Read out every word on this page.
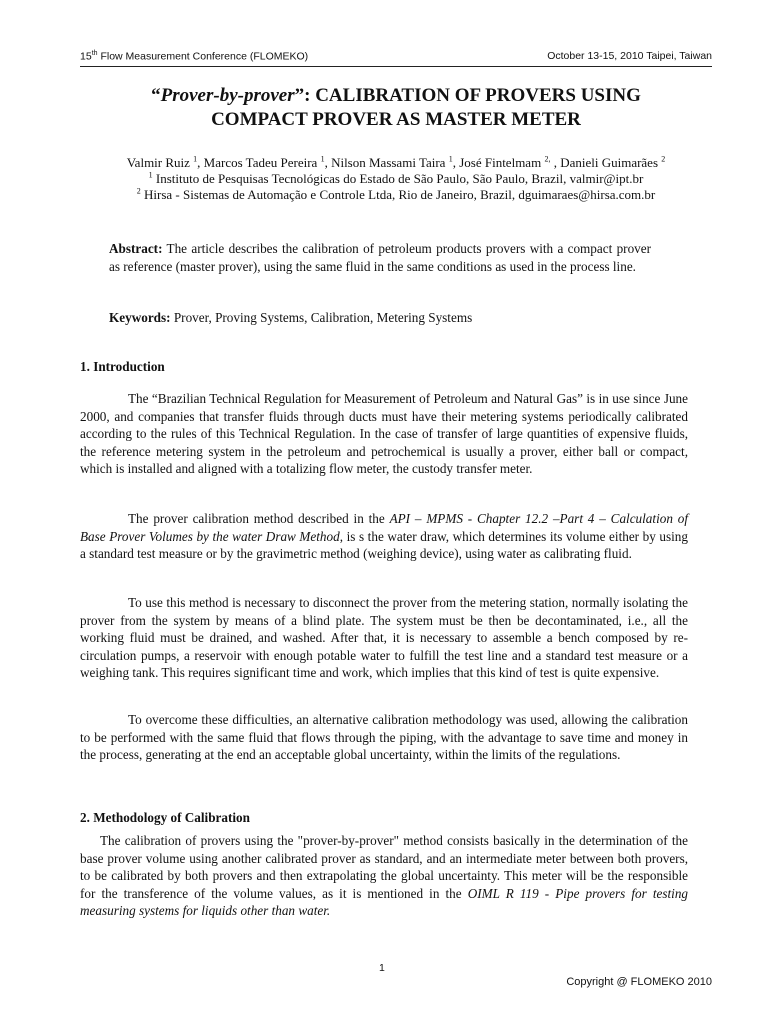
15th Flow Measurement Conference (FLOMEKO)	October 13-15, 2010 Taipei, Taiwan
“Prover-by-prover”: CALIBRATION OF PROVERS USING
COMPACT PROVER AS MASTER METER
Valmir Ruiz $^1$, Marcos Tadeu Pereira $^1$, Nilson Massami Taira $^1$, José Fintelmam $^{2,}$ , Danieli Guimarães $^2$
$^1$ Instituto de Pesquisas Tecnológicas do Estado de São Paulo, São Paulo, Brazil, valmir@ipt.br
$^2$ Hirsa - Sistemas de Automação e Controle Ltda, Rio de Janeiro, Brazil, dguimaraes@hirsa.com.br
Abstract: The article describes the calibration of petroleum products provers with a compact prover as reference (master prover), using the same fluid in the same conditions as used in the process line.
Keywords: Prover, Proving Systems, Calibration, Metering Systems
1. Introduction
The “Brazilian Technical Regulation for Measurement of Petroleum and Natural Gas” is in use since June 2000, and companies that transfer fluids through ducts must have their metering systems periodically calibrated according to the rules of this Technical Regulation. In the case of transfer of large quantities of expensive fluids, the reference metering system in the petroleum and petrochemical is usually a prover, either ball or compact, which is installed and aligned with a totalizing flow meter, the custody transfer meter.
The prover calibration method described in the API – MPMS - Chapter 12.2 –Part 4 – Calculation of Base Prover Volumes by the water Draw Method, is s the water draw, which determines its volume either by using a standard test measure or by the gravimetric method (weighing device), using water as calibrating fluid.
To use this method is necessary to disconnect the prover from the metering station, normally isolating the prover from the system by means of a blind plate. The system must be then be decontaminated, i.e., all the working fluid must be drained, and washed. After that, it is necessary to assemble a bench composed by re-circulation pumps, a reservoir with enough potable water to fulfill the test line and a standard test measure or a weighing tank. This requires significant time and work, which implies that this kind of test is quite expensive.
To overcome these difficulties, an alternative calibration methodology was used, allowing the calibration to be performed with the same fluid that flows through the piping, with the advantage to save time and money in the process, generating at the end an acceptable global uncertainty, within the limits of the regulations.
2. Methodology of Calibration
The calibration of provers using the "prover-by-prover" method consists basically in the determination of the base prover volume using another calibrated prover as standard, and an intermediate meter between both provers, to be calibrated by both provers and then extrapolating the global uncertainty. This meter will be the responsible for the transference of the volume values, as it is mentioned in the OIML R 119 - Pipe provers for testing measuring systems for liquids other than water.
1
Copyright @ FLOMEKO 2010
